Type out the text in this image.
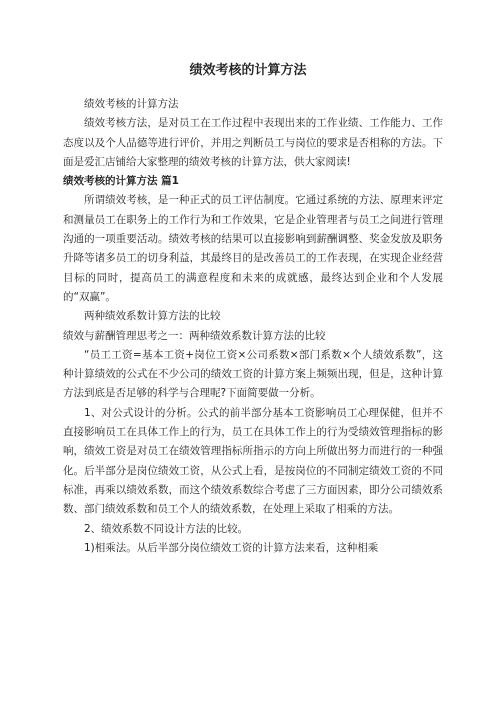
绩效考核的计算方法

绩效考核的计算方法

绩效考核方法，是对员工在工作过程中表现出来的工作业绩、工作能力、工作态度以及个人品德等进行评价，并用之判断员工与岗位的要求是否相称的方法。下面是爱汇店铺给大家整理的绩效考核的计算方法，供大家阅读!

绩效考核的计算方法 篇1

所谓绩效考核，是一种正式的员工评估制度。它通过系统的方法、原理来评定和测量员工在职务上的工作行为和工作效果，它是企业管理者与员工之间进行管理沟通的一项重要活动。绩效考核的结果可以直接影响到薪酬调整、奖金发放及职务升降等诸多员工的切身利益，其最终目的是改善员工的工作表现，在实现企业经营目标的同时，提高员工的满意程度和未来的成就感，最终达到企业和个人发展的“双赢”。

两种绩效系数计算方法的比较

绩效与薪酬管理思考之一：两种绩效系数计算方法的比较

“员工工资=基本工资+岗位工资×公司系数×部门系数×个人绩效系数”，这种计算绩效的公式在不少公司的绩效工资的计算方案上频频出现，但是，这种计算方法到底是否足够的科学与合理呢?下面简要做一分析。

1、对公式设计的分析。公式的前半部分基本工资影响员工心理保健，但并不直接影响员工在具体工作上的行为，员工在具体工作上的行为受绩效管理指标的影响，绩效工资是对员工在绩效管理指标所指示的方向上所做出努力而进行的一种强化。后半部分是岗位绩效工资，从公式上看，是按岗位的不同制定绩效工资的不同标准，再乘以绩效系数，而这个绩效系数综合考虑了三方面因素，即分公司绩效系数、部门绩效系数和员工个人的绩效系数，在处理上采取了相乘的方法。

2、绩效系数不同设计方法的比较。

1)相乘法。从后半部分岗位绩效工资的计算方法来看，这种相乘
